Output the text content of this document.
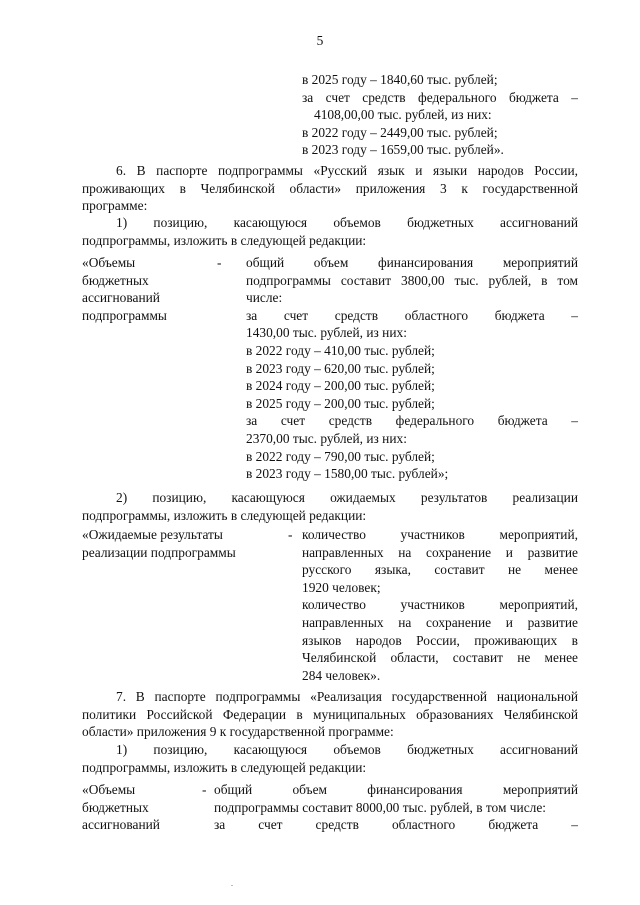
5
в 2025 году – 1840,60 тыс. рублей;
за счет средств федерального бюджета –
4108,00,00 тыс. рублей, из них:
в 2022 году – 2449,00 тыс. рублей;
в 2023 году – 1659,00 тыс. рублей».
6. В паспорте подпрограммы «Русский язык и языки народов России,
проживающих в Челябинской области» приложения 3 к государственной
программе:
1) позицию, касающуюся объемов бюджетных ассигнований
подпрограммы, изложить в следующей редакции:
«Объемы
бюджетных
ассигнований
подпрограммы
- общий объем финансирования мероприятий
подпрограммы составит 3800,00 тыс. рублей, в том
числе:
за счет средств областного бюджета –
1430,00 тыс. рублей, из них:
в 2022 году – 410,00 тыс. рублей;
в 2023 году – 620,00 тыс. рублей;
в 2024 году – 200,00 тыс. рублей;
в 2025 году – 200,00 тыс. рублей;
за счет средств федерального бюджета –
2370,00 тыс. рублей, из них:
в 2022 году – 790,00 тыс. рублей;
в 2023 году – 1580,00 тыс. рублей»;
2) позицию, касающуюся ожидаемых результатов реализации
подпрограммы, изложить в следующей редакции:
«Ожидаемые результаты
реализации подпрограммы
- количество участников мероприятий,
направленных на сохранение и развитие
русского языка, составит не менее
1920 человек;
количество участников мероприятий,
направленных на сохранение и развитие
языков народов России, проживающих в
Челябинской области, составит не менее
284 человек».
7. В паспорте подпрограммы «Реализация государственной национальной
политики Российской Федерации в муниципальных образованиях Челябинской
области» приложения 9 к государственной программе:
1) позицию, касающуюся объемов бюджетных ассигнований
подпрограммы, изложить в следующей редакции:
«Объемы
бюджетных
ассигнований
- общий объем финансирования мероприятий
подпрограммы составит 8000,00 тыс. рублей, в том числе:
за счет средств областного бюджета –
